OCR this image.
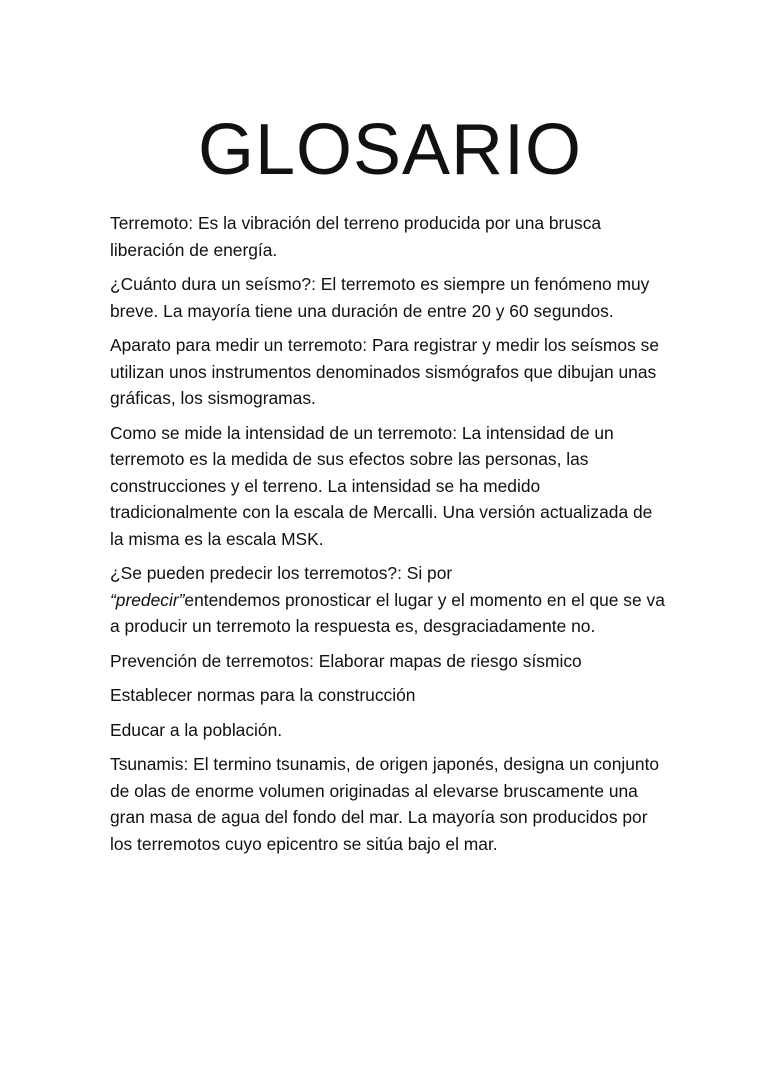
GLOSARIO

Terremoto: Es la vibración del terreno producida por una brusca liberación de energía.

¿Cuánto dura un seísmo?: El terremoto es siempre un fenómeno muy breve. La mayoría tiene una duración de entre 20 y 60 segundos.

Aparato para medir un terremoto: Para registrar y medir los seísmos se utilizan unos instrumentos denominados sismógrafos que dibujan unas gráficas, los sismogramas.

Como se mide la intensidad de un terremoto: La intensidad de un terremoto es la medida de sus efectos sobre las personas, las construcciones y el terreno. La intensidad se ha medido tradicionalmente con la escala de Mercalli. Una versión actualizada de la misma es la escala MSK.

¿Se pueden predecir los terremotos?: Si por
“predecir”entendemos pronosticar el lugar y el momento en el que se va a producir un terremoto la respuesta es, desgraciadamente no.

Prevención de terremotos: Elaborar mapas de riesgo sísmico

Establecer normas para la construcción

Educar a la población.

Tsunamis: El termino tsunamis, de origen japonés, designa un conjunto de olas de enorme volumen originadas al elevarse bruscamente una gran masa de agua del fondo del mar. La mayoría son producidos por los terremotos cuyo epicentro se sitúa bajo el mar.
